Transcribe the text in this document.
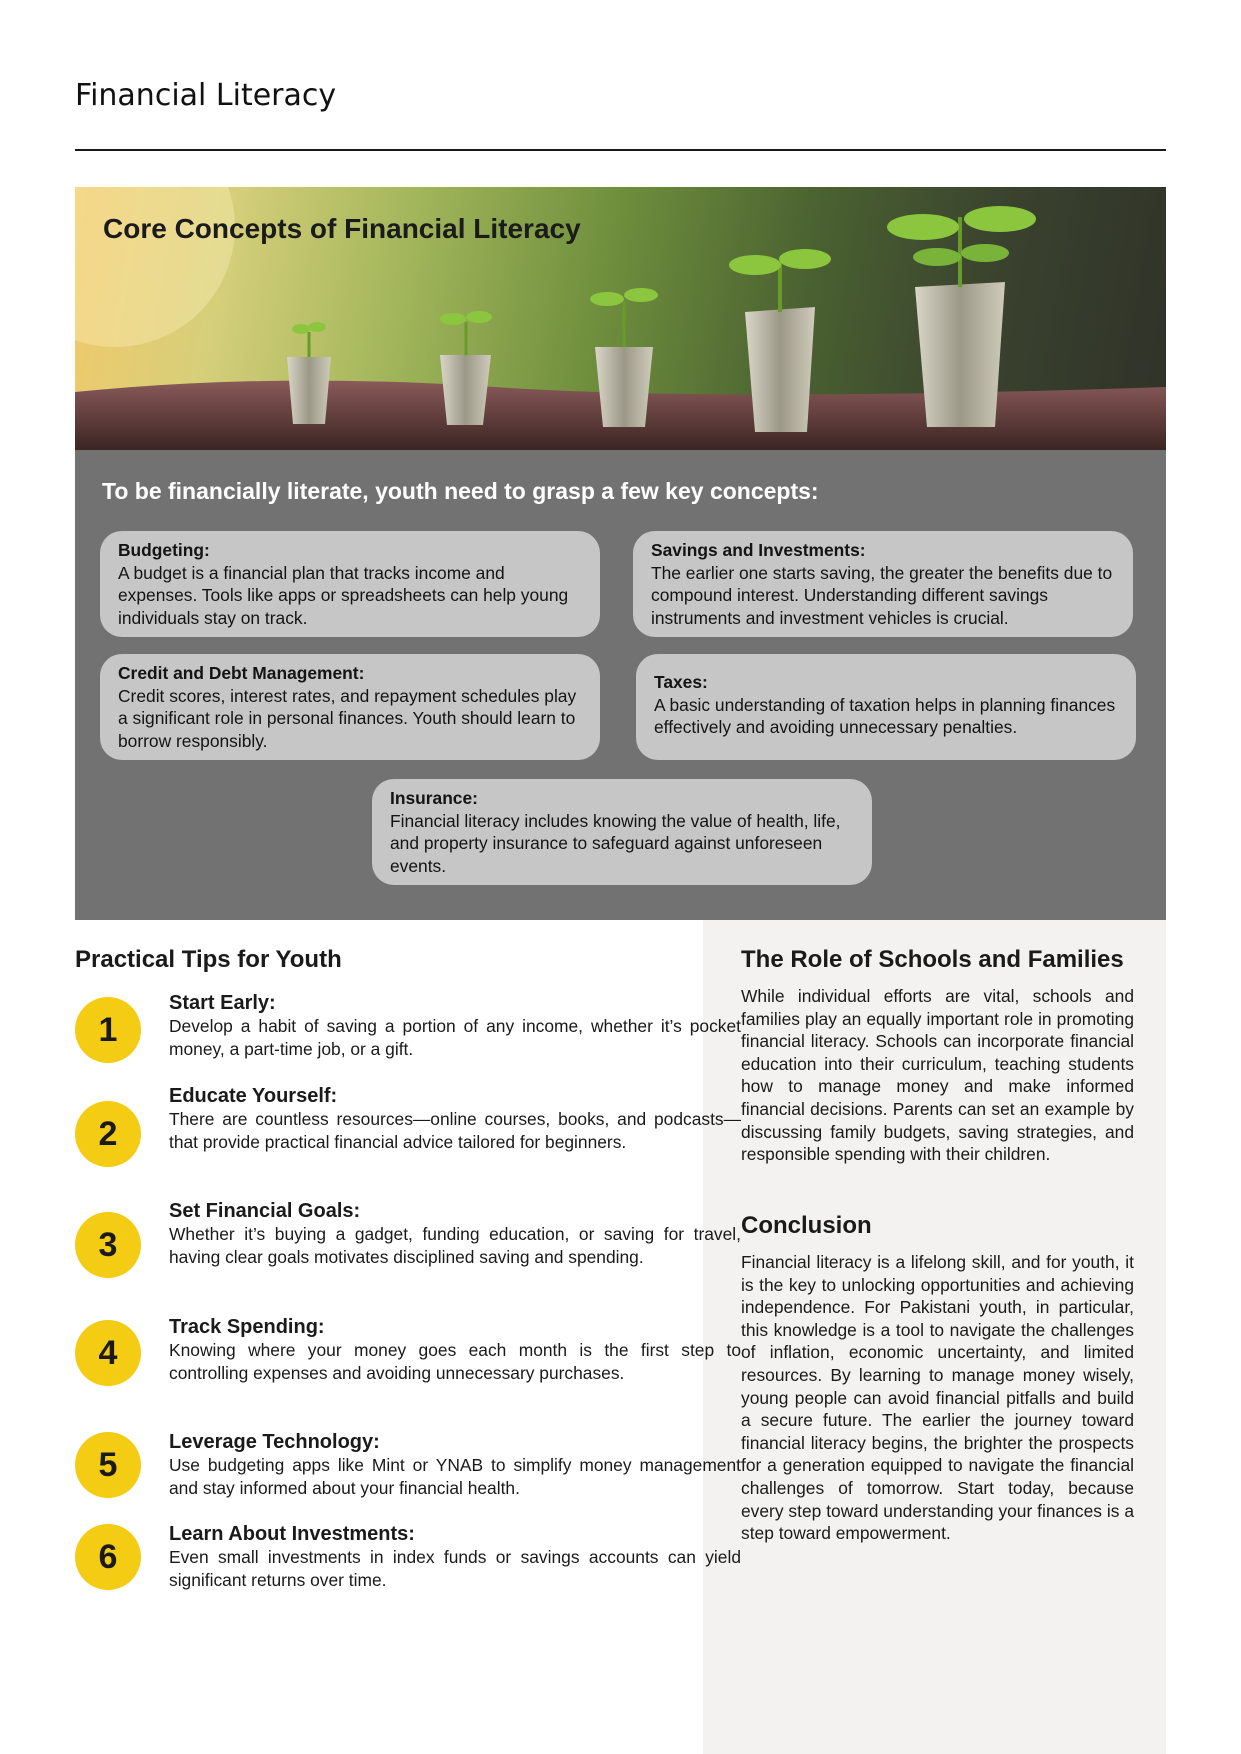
Financial Literacy
Core Concepts of Financial Literacy
To be financially literate, youth need to grasp a few key concepts:
Budgeting:
A budget is a financial plan that tracks income and expenses. Tools like apps or spreadsheets can help young individuals stay on track.
Savings and Investments:
The earlier one starts saving, the greater the benefits due to compound interest. Understanding different savings instruments and investment vehicles is crucial.
Credit and Debt Management:
Credit scores, interest rates, and repayment schedules play a significant role in personal finances. Youth should learn to borrow responsibly.
Taxes:
A basic understanding of taxation helps in planning finances effectively and avoiding unnecessary penalties.
Insurance:
Financial literacy includes knowing the value of health, life, and property insurance to safeguard against unforeseen events.
Practical Tips for Youth
1
Start Early:
Develop a habit of saving a portion of any income, whether it’s pocket money, a part-time job, or a gift.
2
Educate Yourself:
There are countless resources—online courses, books, and podcasts—that provide practical financial advice tailored for beginners.
3
Set Financial Goals:
Whether it’s buying a gadget, funding education, or saving for travel, having clear goals motivates disciplined saving and spending.
4
Track Spending:
Knowing where your money goes each month is the first step to controlling expenses and avoiding unnecessary purchases.
5
Leverage Technology:
Use budgeting apps like Mint or YNAB to simplify money management and stay informed about your financial health.
6
Learn About Investments:
Even small investments in index funds or savings accounts can yield significant returns over time.
The Role of Schools and Families
While individual efforts are vital, schools and families play an equally important role in promoting financial literacy. Schools can incorporate financial education into their curriculum, teaching students how to manage money and make informed financial decisions. Parents can set an example by discussing family budgets, saving strategies, and responsible spending with their children.
Conclusion
Financial literacy is a lifelong skill, and for youth, it is the key to unlocking opportunities and achieving independence. For Pakistani youth, in particular, this knowledge is a tool to navigate the challenges of inflation, economic uncertainty, and limited resources. By learning to manage money wisely, young people can avoid financial pitfalls and build a secure future. The earlier the journey toward financial literacy begins, the brighter the prospects for a generation equipped to navigate the financial challenges of tomorrow. Start today, because every step toward understanding your finances is a step toward empowerment.
